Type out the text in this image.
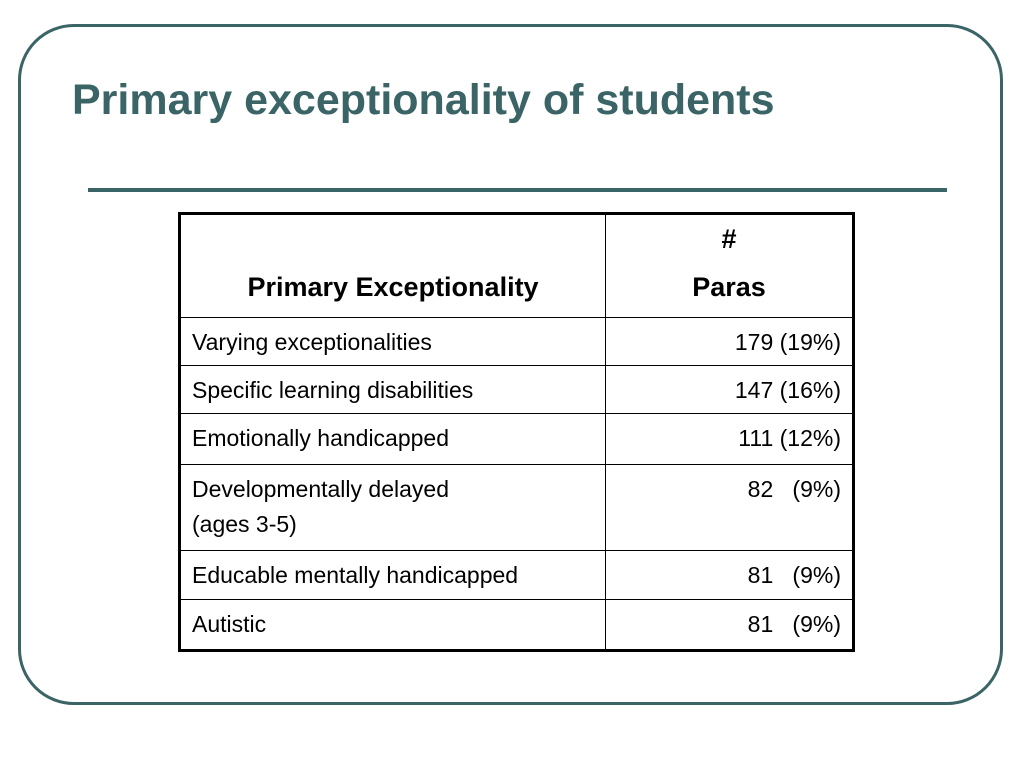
Primary exceptionality of students
Primary Exceptionality	#
Paras

Varying exceptionalities	179 (19%)
Specific learning disabilities	147 (16%)
Emotionally handicapped	111 (12%)

Developmentally delayed
(ages 3-5)	82   (9%)
Educable mentally handicapped	81   (9%)
Autistic	81   (9%)
